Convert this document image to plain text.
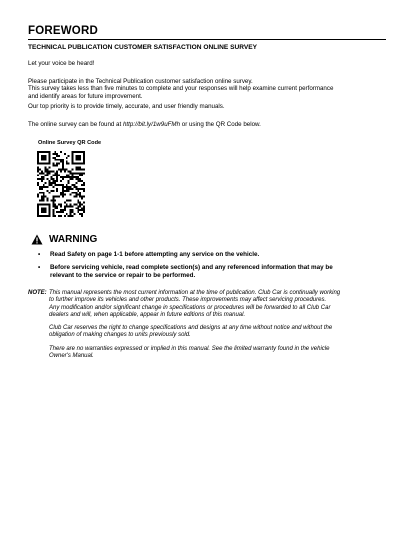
FOREWORD
TECHNICAL PUBLICATION CUSTOMER SATISFACTION ONLINE SURVEY

Let your voice be heard!

Please participate in the Technical Publication customer satisfaction online survey.

This survey takes less than five minutes to complete and your responses will help examine current performance

and identify areas for future improvement.

Our top priority is to provide timely, accurate, and user friendly manuals.

The online survey can be found at http://bit.ly/1w9uFMh or using the QR Code below.

Online Survey QR Code
WARNING
• Read Safety on page 1-1 before attempting any service on the vehicle.
• Before servicing vehicle, read complete section(s) and any referenced information that may be
relevant to the service or repair to be performed.
NOTE: This manual represents the most current information at the time of publication. Club Car is continually working
to further improve its vehicles and other products. These improvements may affect servicing procedures.
Any modification and/or significant change in specifications or procedures will be forwarded to all Club Car
dealers and will, when applicable, appear in future editions of this manual.

Club Car reserves the right to change specifications and designs at any time without notice and without the
obligation of making changes to units previously sold.

There are no warranties expressed or implied in this manual. See the limited warranty found in the vehicle
Owner's Manual.
